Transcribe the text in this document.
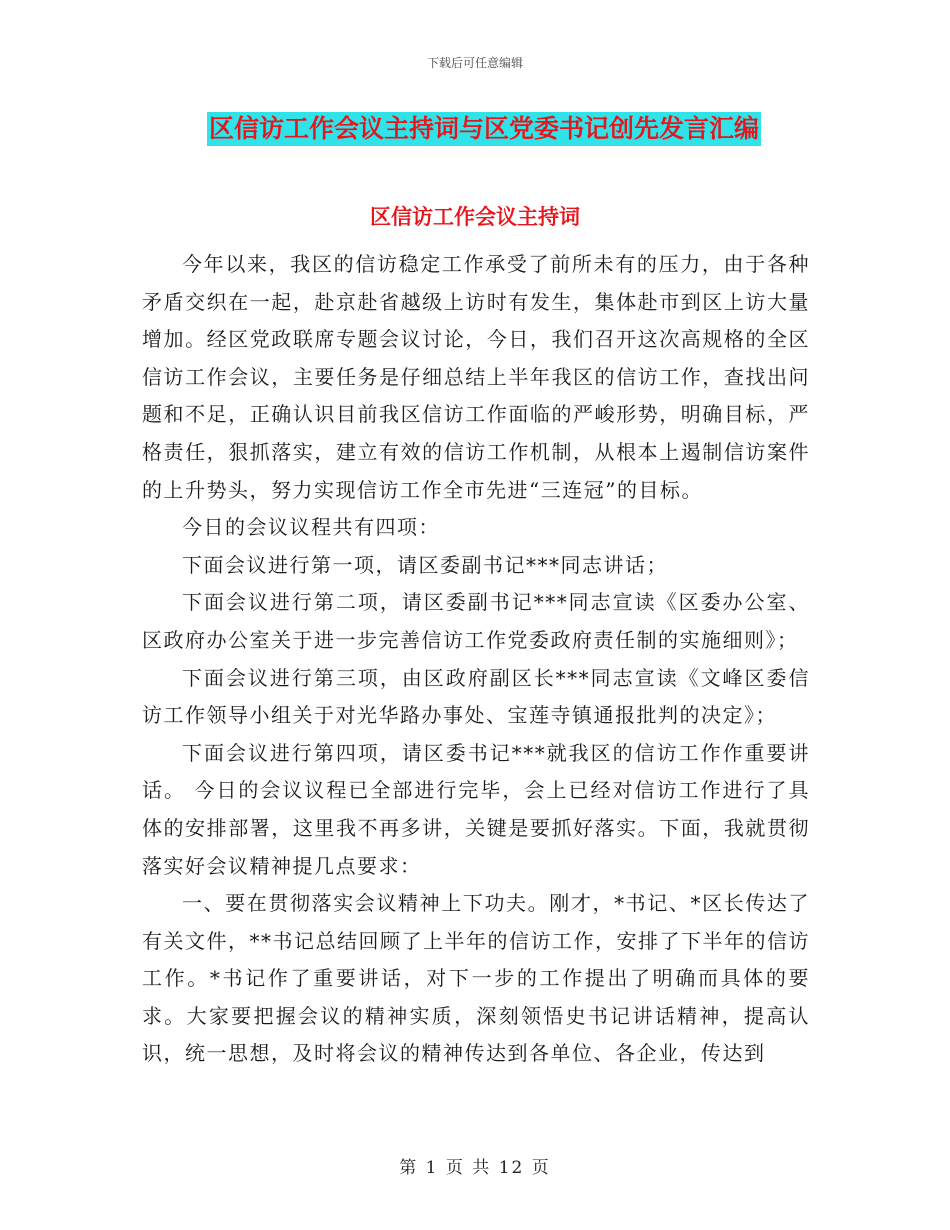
下载后可任意编辑
区信访工作会议主持词与区党委书记创先发言汇编
区信访工作会议主持词

今年以来，我区的信访稳定工作承受了前所未有的压力，由于各种矛盾交织在一起，赴京赴省越级上访时有发生，集体赴市到区上访大量增加。经区党政联席专题会议讨论，今日，我们召开这次高规格的全区信访工作会议，主要任务是仔细总结上半年我区的信访工作，查找出问题和不足，正确认识目前我区信访工作面临的严峻形势，明确目标，严格责任，狠抓落实，建立有效的信访工作机制，从根本上遏制信访案件的上升势头，努力实现信访工作全市先进“三连冠”的目标。

今日的会议议程共有四项：

下面会议进行第一项，请区委副书记***同志讲话；

下面会议进行第二项，请区委副书记***同志宣读《区委办公室、区政府办公室关于进一步完善信访工作党委政府责任制的实施细则》；

下面会议进行第三项，由区政府副区长***同志宣读《文峰区委信访工作领导小组关于对光华路办事处、宝莲寺镇通报批判的决定》；

下面会议进行第四项，请区委书记***就我区的信访工作作重要讲话。 今日的会议议程已全部进行完毕，会上已经对信访工作进行了具体的安排部署，这里我不再多讲，关键是要抓好落实。下面，我就贯彻落实好会议精神提几点要求：

一、要在贯彻落实会议精神上下功夫。刚才，*书记、*区长传达了有关文件，**书记总结回顾了上半年的信访工作，安排了下半年的信访工作。*书记作了重要讲话，对下一步的工作提出了明确而具体的要求。大家要把握会议的精神实质，深刻领悟史书记讲话精神，提高认识，统一思想，及时将会议的精神传达到各单位、各企业，传达到

第 1 页 共 12 页
